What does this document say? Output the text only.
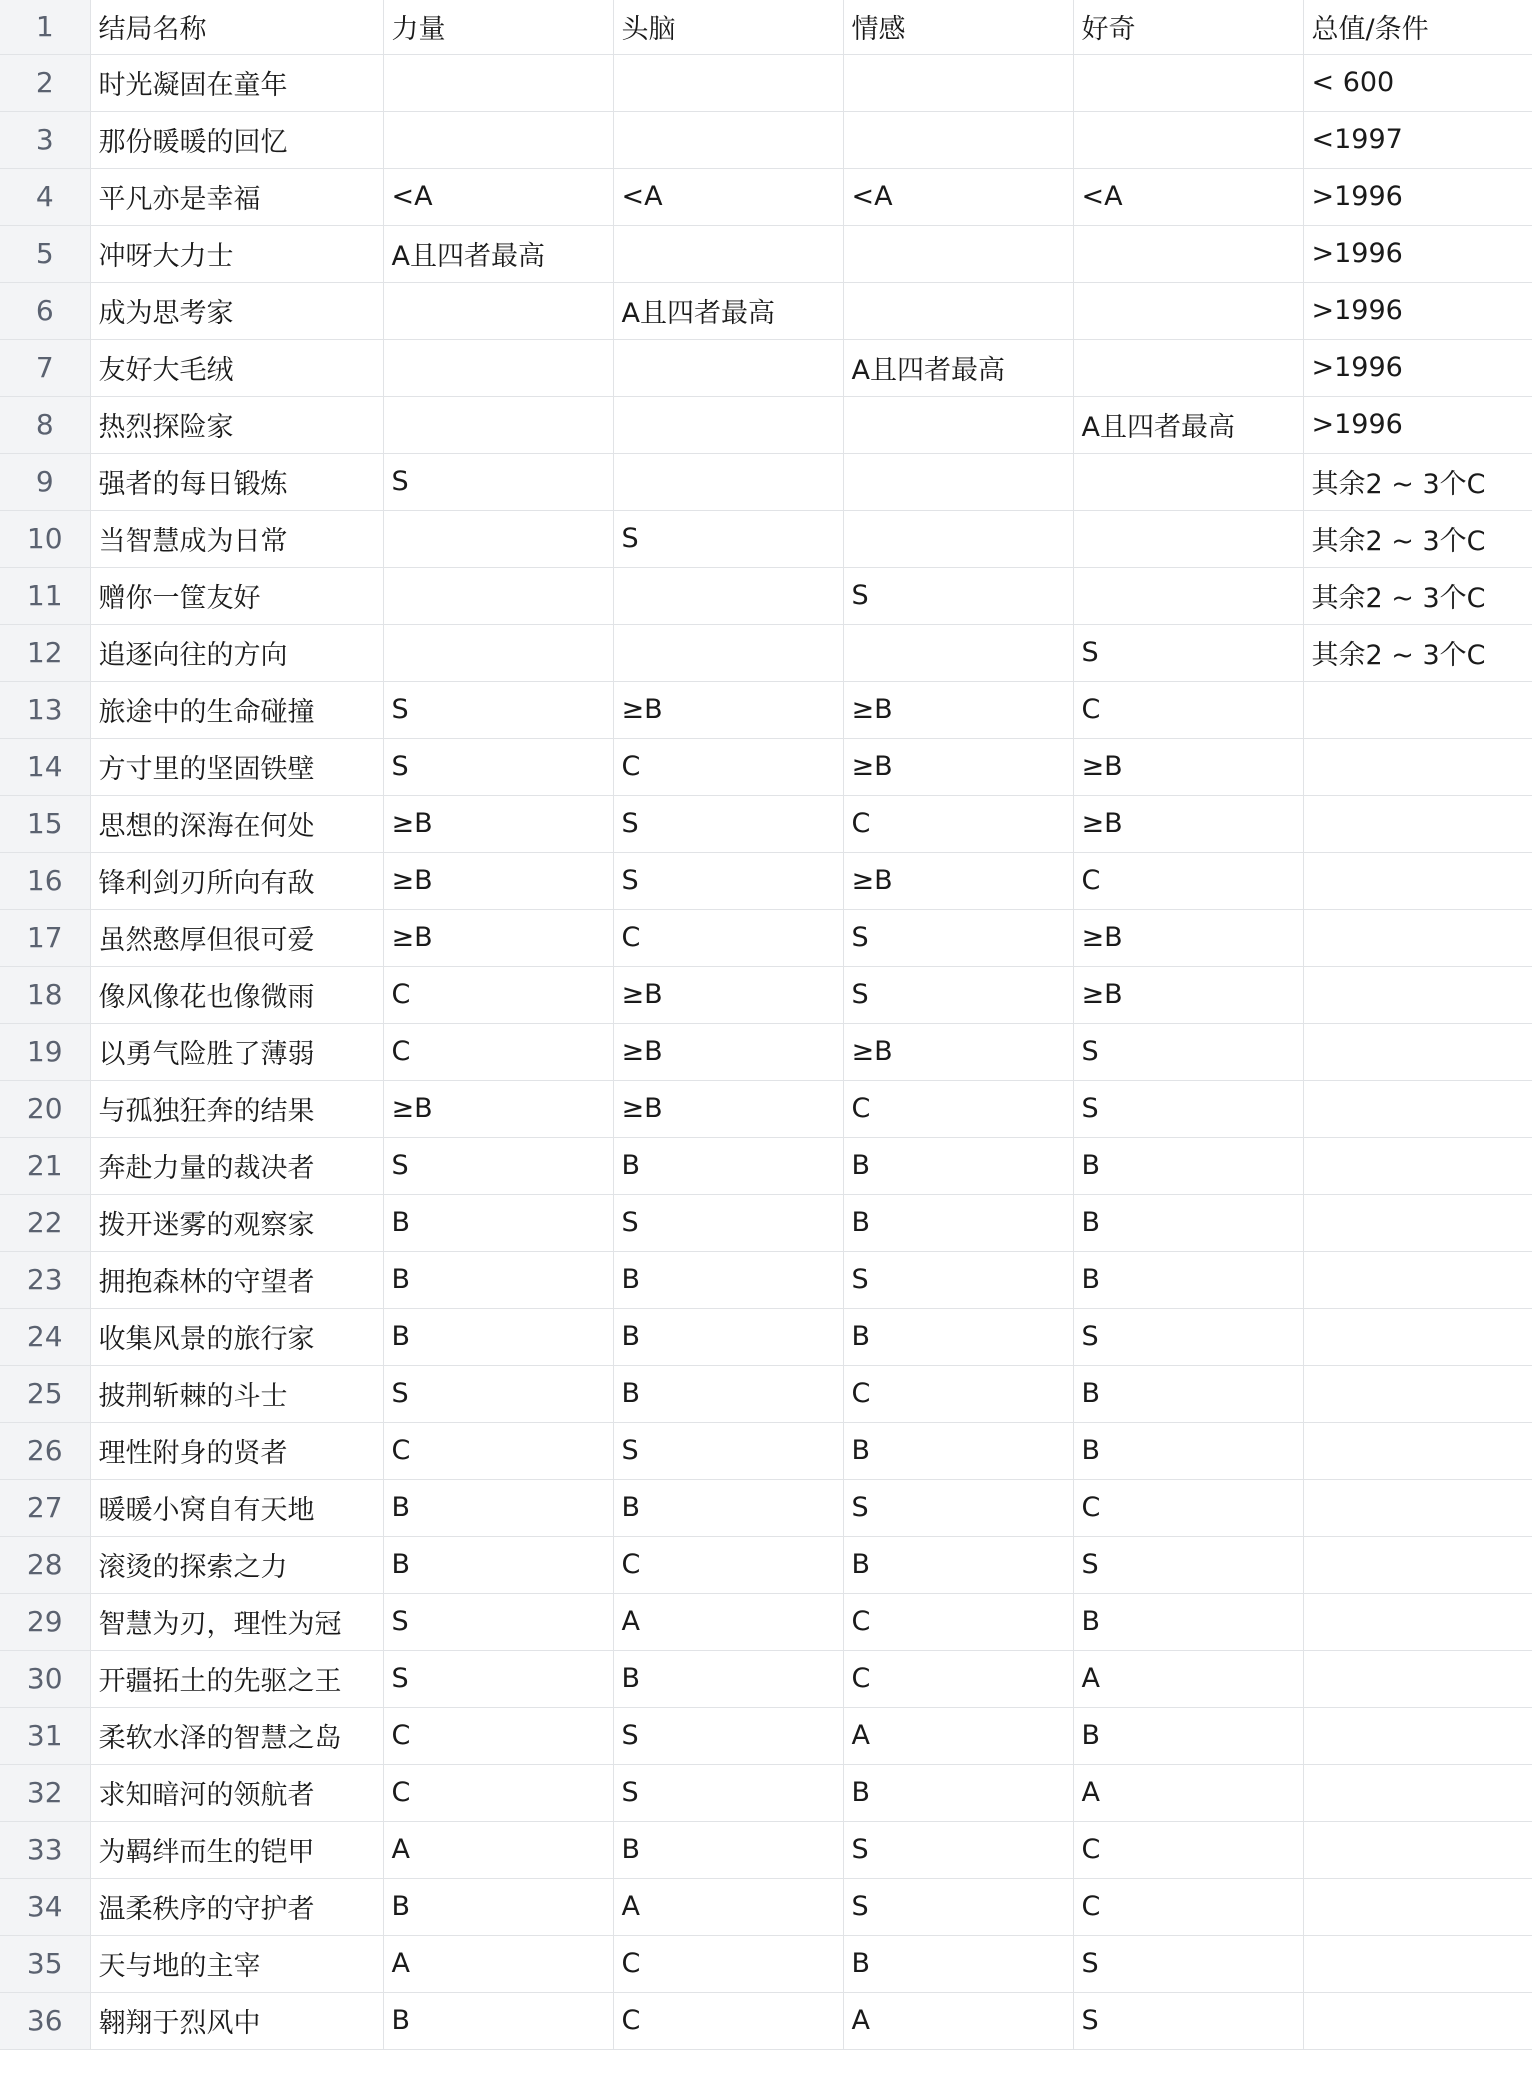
1	结局名称	力量	头脑	情感	好奇	总值/条件
2	时光凝固在童年					< 600
3	那份暖暖的回忆					<1997
4	平凡亦是幸福	<A	<A	<A	<A	>1996
5	冲呀大力士	A且四者最高				>1996
6	成为思考家		A且四者最高			>1996
7	友好大毛绒			A且四者最高		>1996
8	热烈探险家				A且四者最高	>1996
9	强者的每日锻炼	S				其余2 ~ 3个C
10	当智慧成为日常		S			其余2 ~ 3个C
11	赠你一筐友好			S		其余2 ~ 3个C
12	追逐向往的方向				S	其余2 ~ 3个C
13	旅途中的生命碰撞	S	≥B	≥B	C	
14	方寸里的坚固铁壁	S	C	≥B	≥B	
15	思想的深海在何处	≥B	S	C	≥B	
16	锋利剑刃所向有敌	≥B	S	≥B	C	
17	虽然憨厚但很可爱	≥B	C	S	≥B	
18	像风像花也像微雨	C	≥B	S	≥B	
19	以勇气险胜了薄弱	C	≥B	≥B	S	
20	与孤独狂奔的结果	≥B	≥B	C	S	
21	奔赴力量的裁决者	S	B	B	B	
22	拨开迷雾的观察家	B	S	B	B	
23	拥抱森林的守望者	B	B	S	B	
24	收集风景的旅行家	B	B	B	S	
25	披荆斩棘的斗士	S	B	C	B	
26	理性附身的贤者	C	S	B	B	
27	暖暖小窝自有天地	B	B	S	C	
28	滚烫的探索之力	B	C	B	S	
29	智慧为刃，理性为冠	S	A	C	B	
30	开疆拓土的先驱之王	S	B	C	A	
31	柔软水泽的智慧之岛	C	S	A	B	
32	求知暗河的领航者	C	S	B	A	
33	为羁绊而生的铠甲	A	B	S	C	
34	温柔秩序的守护者	B	A	S	C	
35	天与地的主宰	A	C	B	S	
36	翱翔于烈风中	B	C	A	S	
